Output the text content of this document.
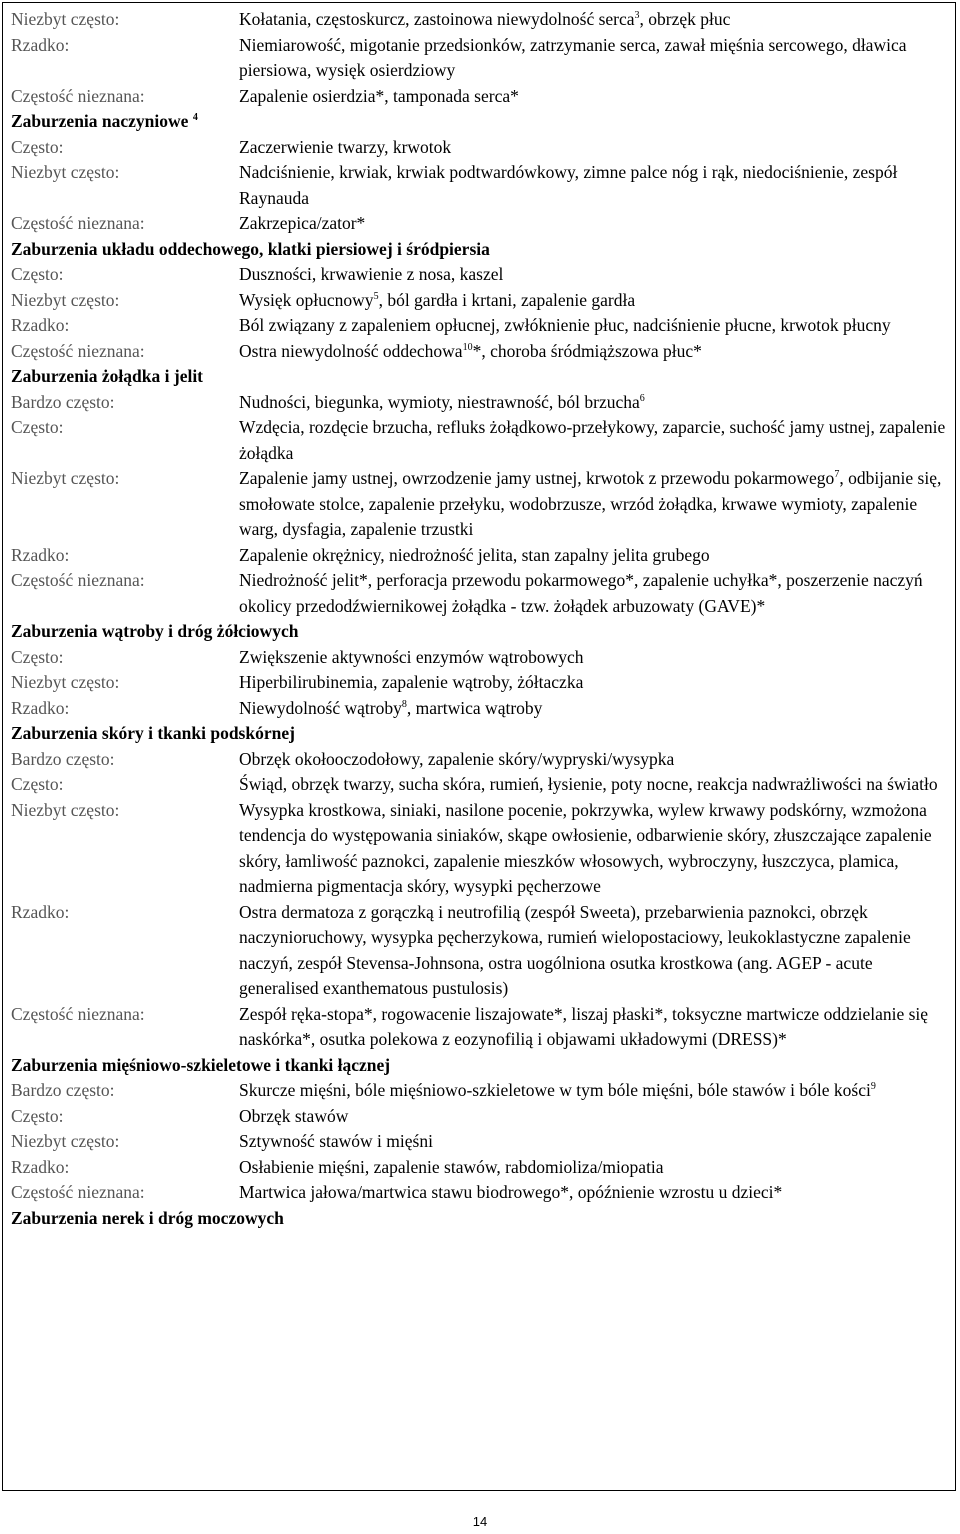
Niezbyt często:	Kołatania, częstoskurcz, zastoinowa niewydolność serca$^3$, obrzęk płuc
Rzadko:	Niemiarowość, migotanie przedsionków, zatrzymanie serca, zawał mięśnia sercowego, dławica piersiowa, wysięk osierdziowy
Częstość nieznana:	Zapalenie osierdzia*, tamponada serca*
Zaburzenia naczyniowe $^4$
Często:	Zaczerwienie twarzy, krwotok
Niezbyt często:	Nadciśnienie, krwiak, krwiak podtwardówkowy, zimne palce nóg i rąk, niedociśnienie, zespół Raynauda
Częstość nieznana:	Zakrzepica/zator*
Zaburzenia układu oddechowego, klatki piersiowej i śródpiersia
Często:	Duszności, krwawienie z nosa, kaszel
Niezbyt często:	Wysięk opłucnowy$^5$, ból gardła i krtani, zapalenie gardła
Rzadko:	Ból związany z zapaleniem opłucnej, zwłóknienie płuc, nadciśnienie płucne, krwotok płucny
Częstość nieznana:	Ostra niewydolność oddechowa$^{10}$*, choroba śródmiąższowa płuc*
Zaburzenia żołądka i jelit
Bardzo często:	Nudności, biegunka, wymioty, niestrawność, ból brzucha$^6$
Często:	Wzdęcia, rozdęcie brzucha, refluks żołądkowo-przełykowy, zaparcie, suchość jamy ustnej, zapalenie żołądka
Niezbyt często:	Zapalenie jamy ustnej, owrzodzenie jamy ustnej, krwotok z przewodu pokarmowego$^7$, odbijanie się, smołowate stolce, zapalenie przełyku, wodobrzusze, wrzód żołądka, krwawe wymioty, zapalenie warg, dysfagia, zapalenie trzustki
Rzadko:	Zapalenie okrężnicy, niedrożność jelita, stan zapalny jelita grubego
Częstość nieznana:	Niedrożność jelit*, perforacja przewodu pokarmowego*, zapalenie uchyłka*, poszerzenie naczyń okolicy przedodźwiernikowej żołądka - tzw. żołądek arbuzowaty (GAVE)*
Zaburzenia wątroby i dróg żółciowych
Często:	Zwiększenie aktywności enzymów wątrobowych
Niezbyt często:	Hiperbilirubinemia, zapalenie wątroby, żółtaczka
Rzadko:	Niewydolność wątroby$^8$, martwica wątroby
Zaburzenia skóry i tkanki podskórnej
Bardzo często:	Obrzęk okołooczodołowy, zapalenie skóry/wypryski/wysypka
Często:	Świąd, obrzęk twarzy, sucha skóra, rumień, łysienie, poty nocne, reakcja nadwrażliwości na światło
Niezbyt często:	Wysypka krostkowa, siniaki, nasilone pocenie, pokrzywka, wylew krwawy podskórny, wzmożona tendencja do występowania siniaków, skąpe owłosienie, odbarwienie skóry, złuszczające zapalenie skóry, łamliwość paznokci, zapalenie mieszków włosowych, wybroczyny, łuszczyca, plamica, nadmierna pigmentacja skóry, wysypki pęcherzowe
Rzadko:	Ostra dermatoza z gorączką i neutrofilią (zespół Sweeta), przebarwienia paznokci, obrzęk naczynioruchowy, wysypka pęcherzykowa, rumień wielopostaciowy, leukoklastyczne zapalenie naczyń, zespół Stevensa-Johnsona, ostra uogólniona osutka krostkowa (ang. AGEP - acute generalised exanthematous pustulosis)
Częstość nieznana:	Zespół ręka-stopa*, rogowacenie liszajowate*, liszaj płaski*, toksyczne martwicze oddzielanie się naskórka*, osutka polekowa z eozynofilią i objawami układowymi (DRESS)*
Zaburzenia mięśniowo-szkieletowe i tkanki łącznej
Bardzo często:	Skurcze mięśni, bóle mięśniowo-szkieletowe w tym bóle mięśni, bóle stawów i bóle kości$^9$
Często:	Obrzęk stawów
Niezbyt często:	Sztywność stawów i mięśni
Rzadko:	Osłabienie mięśni, zapalenie stawów, rabdomioliza/miopatia
Częstość nieznana:	Martwica jałowa/martwica stawu biodrowego*, opóźnienie wzrostu u dzieci*
Zaburzenia nerek i dróg moczowych
14
